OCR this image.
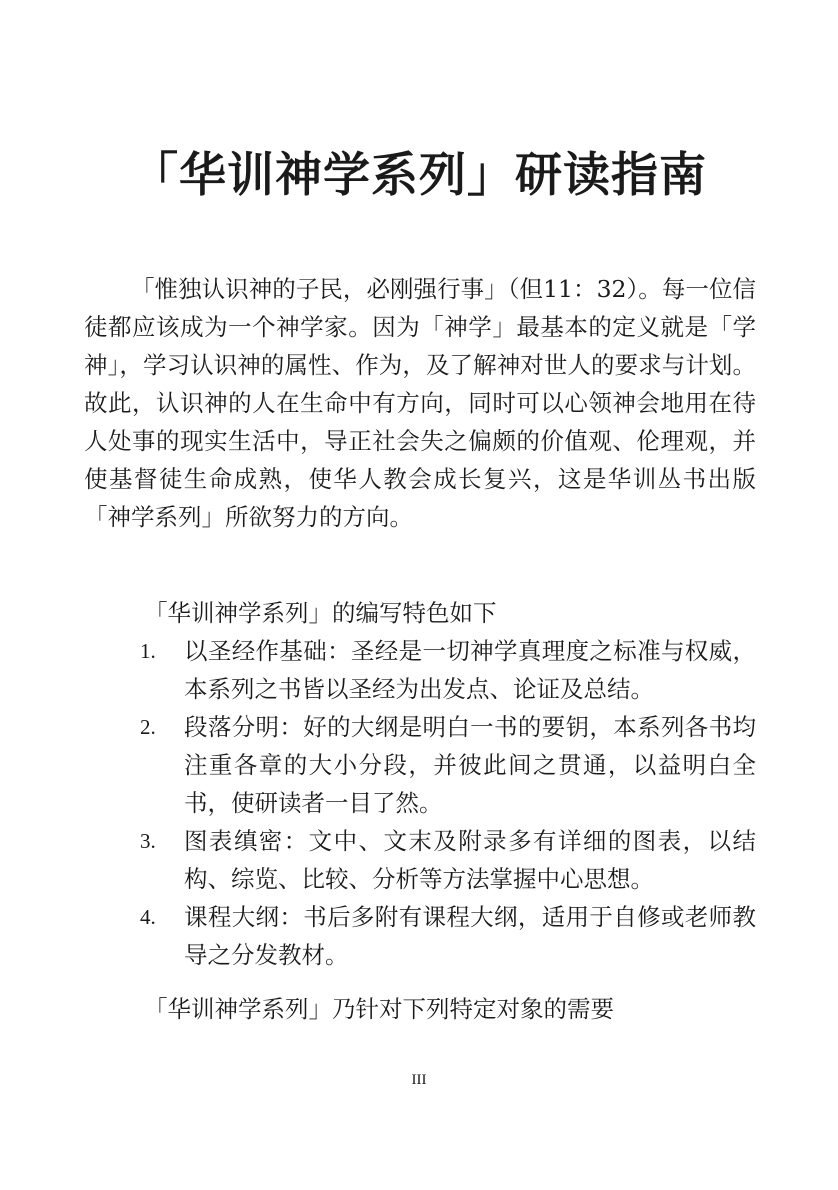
「华训神学系列」研读指南

「惟独认识神的子民，必刚强行事」（但11：32）。每一位信徒都应该成为一个神学家。因为「神学」最基本的定义就是「学神」，学习认识神的属性、作为，及了解神对世人的要求与计划。故此，认识神的人在生命中有方向，同时可以心领神会地用在待人处事的现实生活中，导正社会失之偏颇的价值观、伦理观，并使基督徒生命成熟，使华人教会成长复兴，这是华训丛书出版「神学系列」所欲努力的方向。

「华训神学系列」的编写特色如下

1. 以圣经作基础：圣经是一切神学真理度之标准与权威，本系列之书皆以圣经为出发点、论证及总结。
2. 段落分明：好的大纲是明白一书的要钥，本系列各书均注重各章的大小分段，并彼此间之贯通，以益明白全书，使研读者一目了然。
3. 图表缜密：文中、文末及附录多有详细的图表，以结构、综览、比较、分析等方法掌握中心思想。
4. 课程大纲：书后多附有课程大纲，适用于自修或老师教导之分发教材。

「华训神学系列」乃针对下列特定对象的需要

III
